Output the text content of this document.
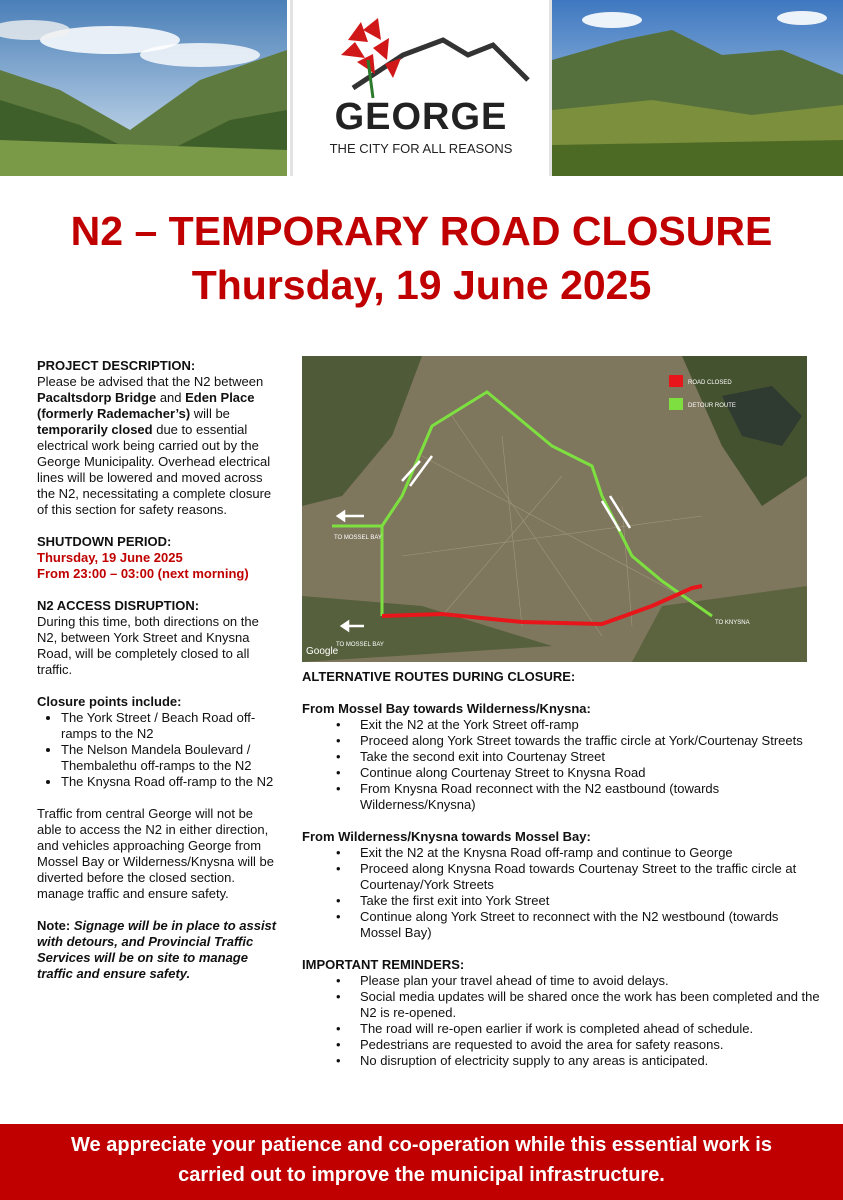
GEORGE
THE CITY FOR ALL REASONS
N2 – TEMPORARY ROAD CLOSURE
Thursday, 19 June 2025

PROJECT DESCRIPTION:
Please be advised that the N2 between Pacaltsdorp Bridge and Eden Place (formerly Rademacher’s) will be temporarily closed due to essential electrical work being carried out by the George Municipality. Overhead electrical lines will be lowered and moved across the N2, necessitating a complete closure of this section for safety reasons.

SHUTDOWN PERIOD:
Thursday, 19 June 2025
From 23:00 – 03:00 (next morning)

N2 ACCESS DISRUPTION:
During this time, both directions on the N2, between York Street and Knysna Road, will be completely closed to all traffic.

Closure points include:
• The York Street / Beach Road off-ramps to the N2
• The Nelson Mandela Boulevard / Thembalethu off-ramps to the N2
• The Knysna Road off-ramp to the N2

Traffic from central George will not be able to access the N2 in either direction, and vehicles approaching George from Mossel Bay or Wilderness/Knysna will be diverted before the closed section.
manage traffic and ensure safety.

Note: Signage will be in place to assist with detours, and Provincial Traffic Services will be on site to manage traffic and ensure safety.

ROAD CLOSED
DETOUR ROUTE
TO MOSSEL BAY
TO MOSSEL BAY
TO KNYSNA
Google

ALTERNATIVE ROUTES DURING CLOSURE:

From Mossel Bay towards Wilderness/Knysna:

• Exit the N2 at the York Street off-ramp
• Proceed along York Street towards the traffic circle at York/Courtenay Streets
• Take the second exit into Courtenay Street
• Continue along Courtenay Street to Knysna Road
• From Knysna Road reconnect with the N2 eastbound (towards Wilderness/Knysna)

From Wilderness/Knysna towards Mossel Bay:

• Exit the N2 at the Knysna Road off-ramp and continue to George
• Proceed along Knysna Road towards Courtenay Street to the traffic circle at Courtenay/York Streets
• Take the first exit into York Street
• Continue along York Street to reconnect with the N2 westbound (towards Mossel Bay)

IMPORTANT REMINDERS:

• Please plan your travel ahead of time to avoid delays.
• Social media updates will be shared once the work has been completed and the N2 is re-opened.
• The road will re-open earlier if work is completed ahead of schedule.
• Pedestrians are requested to avoid the area for safety reasons.
• No disruption of electricity supply to any areas is anticipated.
We appreciate your patience and co-operation while this essential work is
carried out to improve the municipal infrastructure.
